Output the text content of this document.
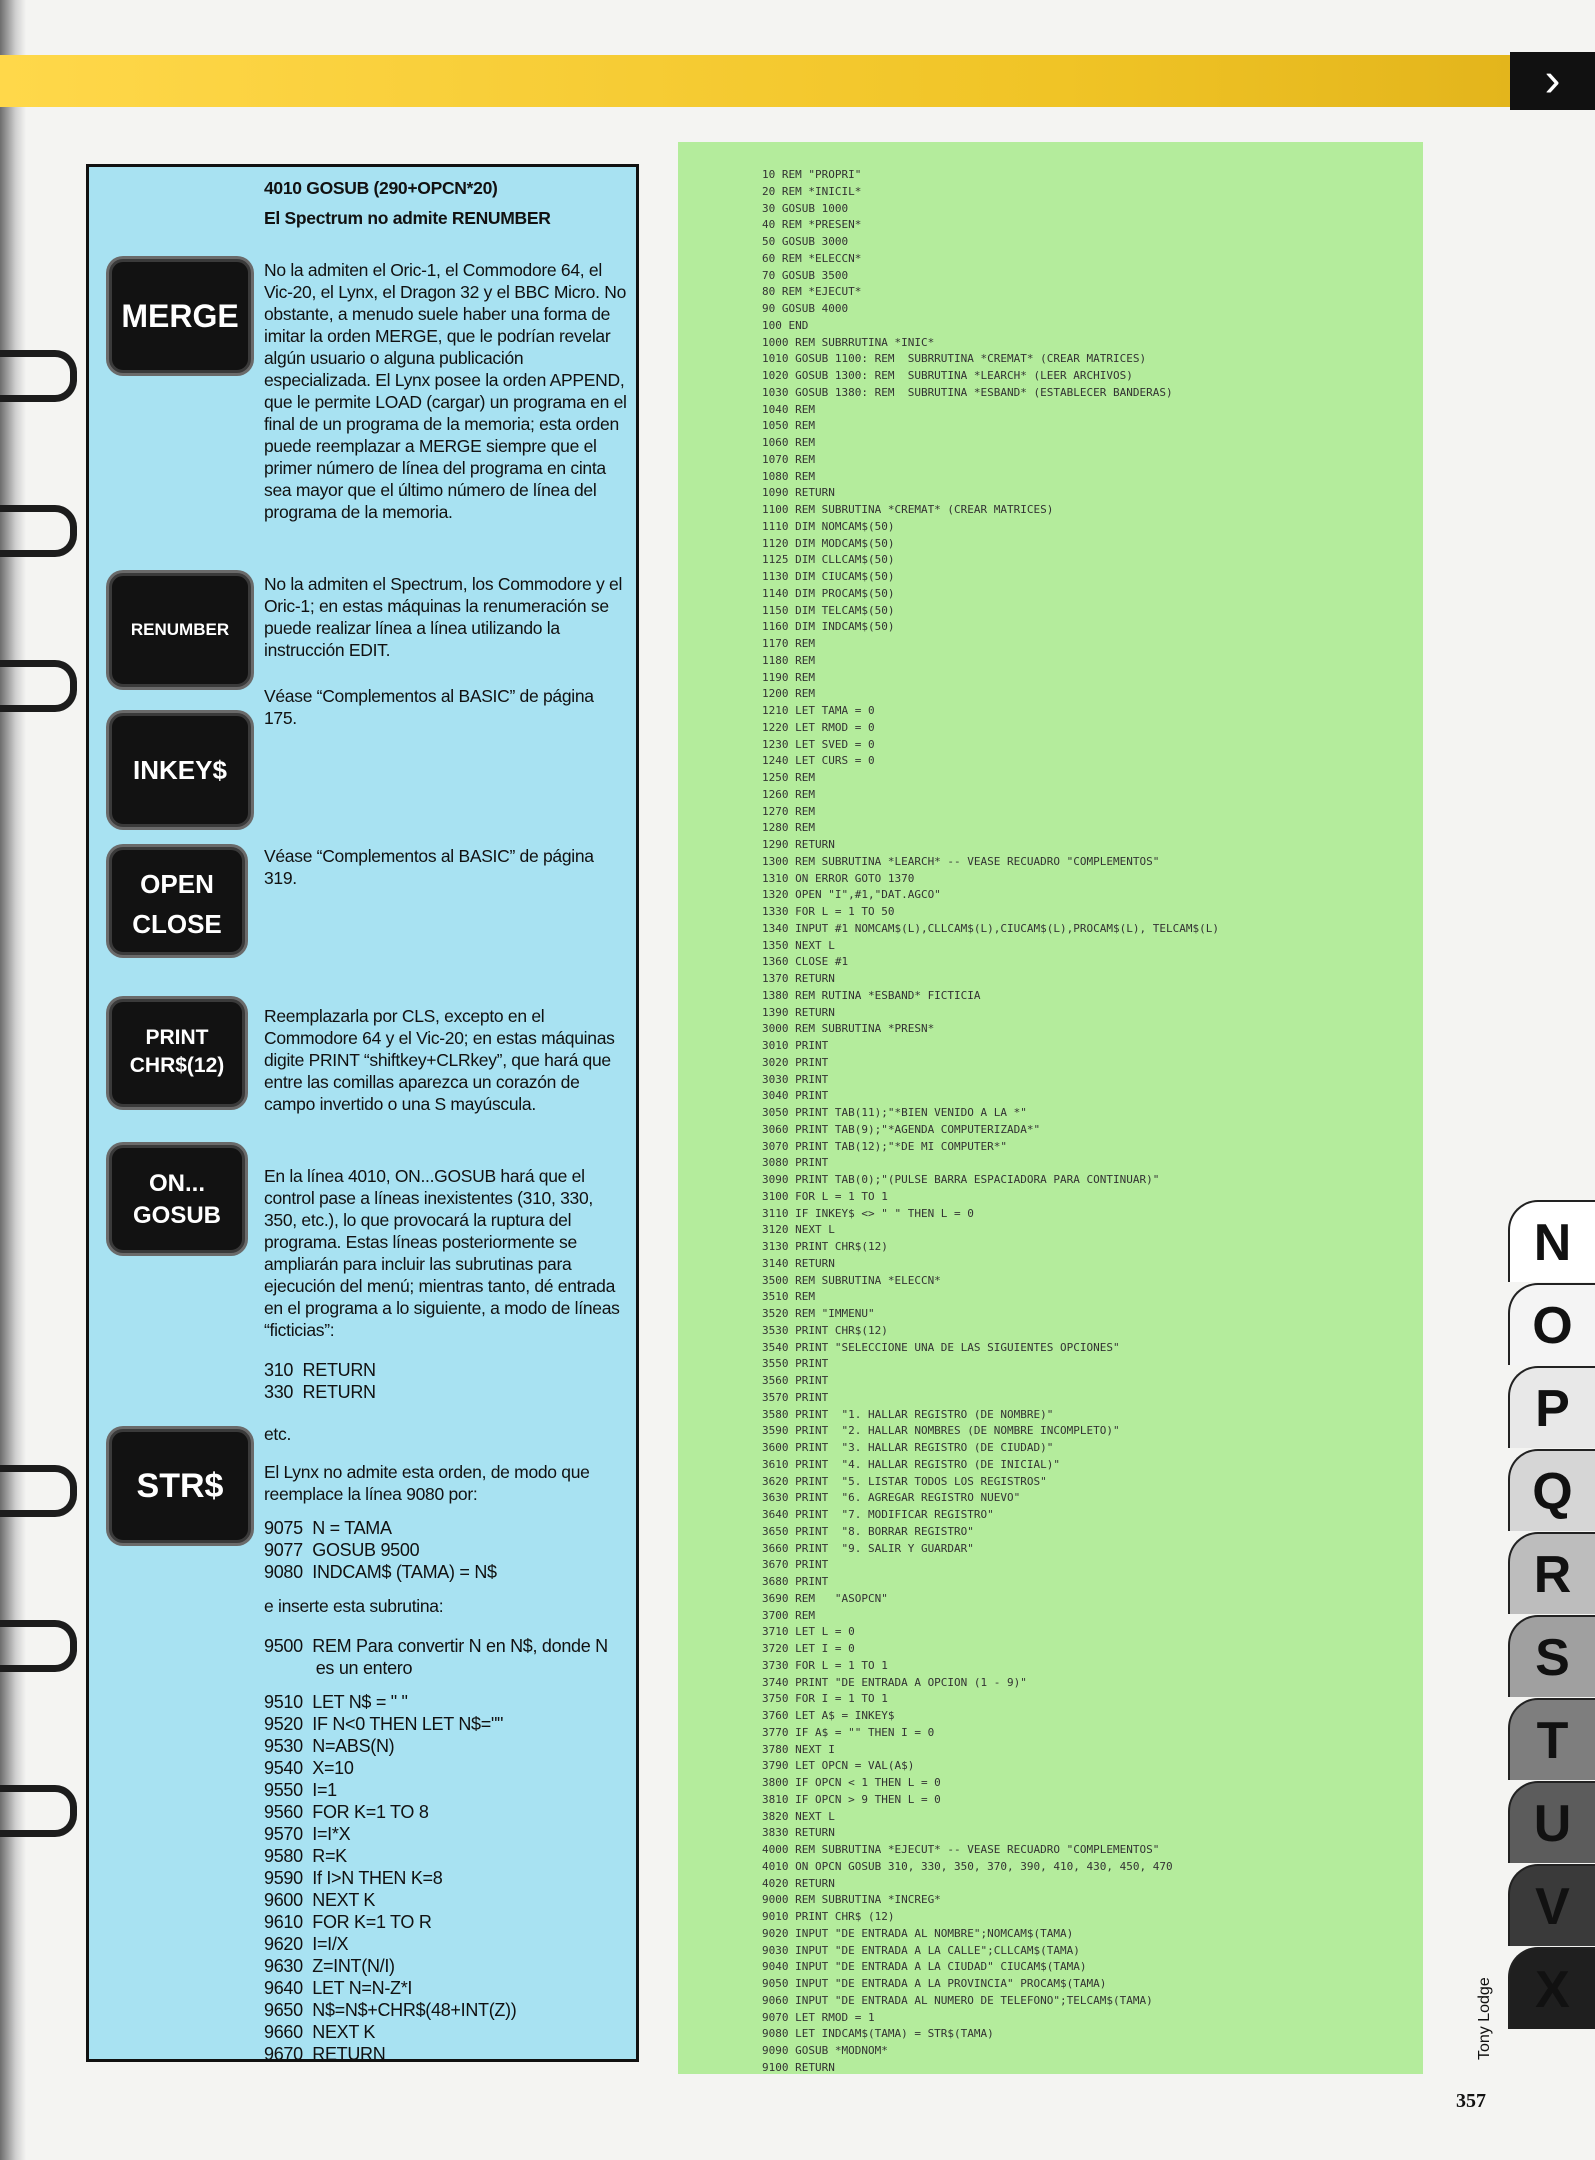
›

4010 GOSUB (290+OPCN*20)

El Spectrum no admite RENUMBER

MERGE
No la admiten el Oric-1, el Commodore 64, el Vic-20, el Lynx, el Dragon 32 y el BBC Micro. No obstante, a menudo suele haber una forma de imitar la orden MERGE, que le podrían revelar algún usuario o alguna publicación especializada. El Lynx posee la orden APPEND, que le permite LOAD (cargar) un programa en el final de un programa de la memoria; esta orden puede reemplazar a MERGE siempre que el primer número de línea del programa en cinta sea mayor que el último número de línea del programa de la memoria.
RENUMBER
No la admiten el Spectrum, los Commodore y el Oric-1; en estas máquinas la renumeración se puede realizar línea a línea utilizando la instrucción EDIT.
INKEY$
Véase “Complementos al BASIC” de página 175.
OPEN
CLOSE
Véase “Complementos al BASIC” de página 319.
PRINT
CHR$(12)
Reemplazarla por CLS, excepto en el Commodore 64 y el Vic-20; en estas máquinas digite PRINT “shiftkey+CLRkey”, que hará que entre las comillas aparezca un corazón de campo invertido o una S mayúscula.
ON...
GOSUB
En la línea 4010, ON...GOSUB hará que el control pase a líneas inexistentes (310, 330, 350, etc.), lo que provocará la ruptura del programa. Estas líneas posteriormente se ampliarán para incluir las subrutinas para ejecución del menú; mientras tanto, dé entrada en el programa a lo siguiente, a modo de líneas “ficticias”:
310  RETURN
330  RETURN
STR$
etc.
El Lynx no admite esta orden, de modo que reemplace la línea 9080 por:
9075  N = TAMA
9077  GOSUB 9500
9080  INDCAM$ (TAMA) = N$
e inserte esta subrutina:
9500  REM Para convertir N en N$, donde N
es un entero
9510  LET N$ = " "
9520  IF N<0 THEN LET N$=""
9530  N=ABS(N)
9540  X=10
9550  I=1
9560  FOR K=1 TO 8
9570  I=I*X
9580  R=K
9590  If I>N THEN K=8
9600  NEXT K
9610  FOR K=1 TO R
9620  I=I/X
9630  Z=INT(N/I)
9640  LET N=N-Z*I
9650  N$=N$+CHR$(48+INT(Z))
9660  NEXT K
9670  RETURN
10 REM "PROPRI"
20 REM *INICIL*
30 GOSUB 1000
40 REM *PRESEN*
50 GOSUB 3000
60 REM *ELECCN*
70 GOSUB 3500
80 REM *EJECUT*
90 GOSUB 4000
100 END
1000 REM SUBRRUTINA *INIC*
1010 GOSUB 1100: REM  SUBRRUTINA *CREMAT* (CREAR MATRICES)
1020 GOSUB 1300: REM  SUBRUTINA *LEARCH* (LEER ARCHIVOS)
1030 GOSUB 1380: REM  SUBRUTINA *ESBAND* (ESTABLECER BANDERAS)
1040 REM
1050 REM
1060 REM
1070 REM
1080 REM
1090 RETURN
1100 REM SUBRUTINA *CREMAT* (CREAR MATRICES)
1110 DIM NOMCAM$(50)
1120 DIM MODCAM$(50)
1125 DIM CLLCAM$(50)
1130 DIM CIUCAM$(50)
1140 DIM PROCAM$(50)
1150 DIM TELCAM$(50)
1160 DIM INDCAM$(50)
1170 REM
1180 REM
1190 REM
1200 REM
1210 LET TAMA = 0
1220 LET RMOD = 0
1230 LET SVED = 0
1240 LET CURS = 0
1250 REM
1260 REM
1270 REM
1280 REM
1290 RETURN
1300 REM SUBRUTINA *LEARCH* -- VEASE RECUADRO "COMPLEMENTOS"
1310 ON ERROR GOTO 1370
1320 OPEN "I",#1,"DAT.AGCO"
1330 FOR L = 1 TO 50
1340 INPUT #1 NOMCAM$(L),CLLCAM$(L),CIUCAM$(L),PROCAM$(L), TELCAM$(L)
1350 NEXT L
1360 CLOSE #1
1370 RETURN
1380 REM RUTINA *ESBAND* FICTICIA
1390 RETURN
3000 REM SUBRUTINA *PRESN*
3010 PRINT
3020 PRINT
3030 PRINT
3040 PRINT
3050 PRINT TAB(11);"*BIEN VENIDO A LA *"
3060 PRINT TAB(9);"*AGENDA COMPUTERIZADA*"
3070 PRINT TAB(12);"*DE MI COMPUTER*"
3080 PRINT
3090 PRINT TAB(0);"(PULSE BARRA ESPACIADORA PARA CONTINUAR)"
3100 FOR L = 1 TO 1
3110 IF INKEY$ <> " " THEN L = 0
3120 NEXT L
3130 PRINT CHR$(12)
3140 RETURN
3500 REM SUBRUTINA *ELECCN*
3510 REM
3520 REM "IMMENU"
3530 PRINT CHR$(12)
3540 PRINT "SELECCIONE UNA DE LAS SIGUIENTES OPCIONES"
3550 PRINT
3560 PRINT
3570 PRINT
3580 PRINT  "1. HALLAR REGISTRO (DE NOMBRE)"
3590 PRINT  "2. HALLAR NOMBRES (DE NOMBRE INCOMPLETO)"
3600 PRINT  "3. HALLAR REGISTRO (DE CIUDAD)"
3610 PRINT  "4. HALLAR REGISTRO (DE INICIAL)"
3620 PRINT  "5. LISTAR TODOS LOS REGISTROS"
3630 PRINT  "6. AGREGAR REGISTRO NUEVO"
3640 PRINT  "7. MODIFICAR REGISTRO"
3650 PRINT  "8. BORRAR REGISTRO"
3660 PRINT  "9. SALIR Y GUARDAR"
3670 PRINT
3680 PRINT
3690 REM   "ASOPCN"
3700 REM
3710 LET L = 0
3720 LET I = 0
3730 FOR L = 1 TO 1
3740 PRINT "DE ENTRADA A OPCION (1 - 9)"
3750 FOR I = 1 TO 1
3760 LET A$ = INKEY$
3770 IF A$ = "" THEN I = 0
3780 NEXT I
3790 LET OPCN = VAL(A$)
3800 IF OPCN < 1 THEN L = 0
3810 IF OPCN > 9 THEN L = 0
3820 NEXT L
3830 RETURN
4000 REM SUBRUTINA *EJECUT* -- VEASE RECUADRO "COMPLEMENTOS"
4010 ON OPCN GOSUB 310, 330, 350, 370, 390, 410, 430, 450, 470
4020 RETURN
9000 REM SUBRUTINA *INCREG*
9010 PRINT CHR$ (12)
9020 INPUT "DE ENTRADA AL NOMBRE";NOMCAM$(TAMA)
9030 INPUT "DE ENTRADA A LA CALLE";CLLCAM$(TAMA)
9040 INPUT "DE ENTRADA A LA CIUDAD" CIUCAM$(TAMA)
9050 INPUT "DE ENTRADA A LA PROVINCIA" PROCAM$(TAMA)
9060 INPUT "DE ENTRADA AL NUMERO DE TELEFONO";TELCAM$(TAMA)
9070 LET RMOD = 1
9080 LET INDCAM$(TAMA) = STR$(TAMA)
9090 GOSUB *MODNOM*
9100 RETURN
N
O
P
Q
R
S
T
U
V
X
Tony Lodge
357
